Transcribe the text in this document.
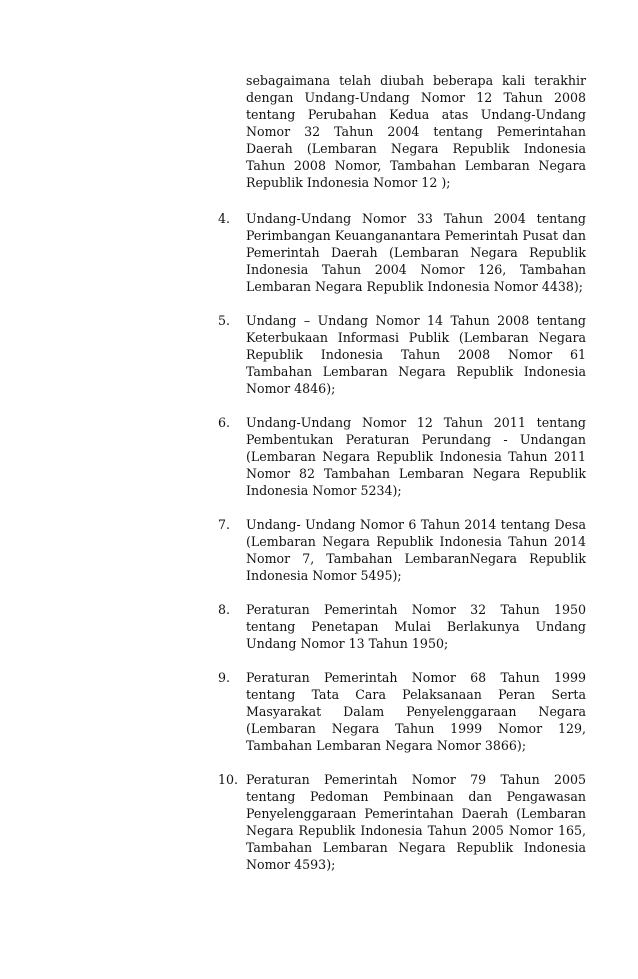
sebagaimana telah diubah beberapa kali terakhir dengan Undang-Undang Nomor 12 Tahun 2008 tentang Perubahan Kedua atas Undang-Undang Nomor 32 Tahun 2004 tentang Pemerintahan Daerah (Lembaran Negara Republik Indonesia Tahun 2008 Nomor, Tambahan Lembaran Negara Republik Indonesia Nomor 12 );

4. Undang-Undang Nomor 33 Tahun 2004 tentang Perimbangan Keuanganantara Pemerintah Pusat dan Pemerintah Daerah (Lembaran Negara Republik Indonesia Tahun 2004 Nomor 126, Tambahan Lembaran Negara Republik Indonesia Nomor 4438);
5. Undang – Undang Nomor 14 Tahun 2008 tentang Keterbukaan Informasi Publik (Lembaran Negara Republik Indonesia Tahun 2008 Nomor 61 Tambahan Lembaran Negara Republik Indonesia Nomor 4846);
6. Undang-Undang Nomor 12 Tahun 2011 tentang Pembentukan Peraturan Perundang - Undangan (Lembaran Negara Republik Indonesia Tahun 2011 Nomor 82 Tambahan Lembaran Negara Republik Indonesia Nomor 5234);
7. Undang- Undang Nomor 6 Tahun 2014 tentang Desa (Lembaran Negara Republik Indonesia Tahun 2014 Nomor 7, Tambahan LembaranNegara Republik Indonesia Nomor 5495);
8. Peraturan Pemerintah Nomor 32 Tahun 1950 tentang Penetapan Mulai Berlakunya Undang Undang Nomor 13 Tahun 1950;
9. Peraturan Pemerintah Nomor 68 Tahun 1999 tentang Tata Cara Pelaksanaan Peran Serta Masyarakat Dalam Penyelenggaraan Negara (Lembaran Negara Tahun 1999 Nomor 129, Tambahan Lembaran Negara Nomor 3866);
10. Peraturan Pemerintah Nomor 79 Tahun 2005 tentang Pedoman Pembinaan dan Pengawasan Penyelenggaraan Pemerintahan Daerah (Lembaran Negara Republik Indonesia Tahun 2005 Nomor 165, Tambahan Lembaran Negara Republik Indonesia Nomor 4593);
